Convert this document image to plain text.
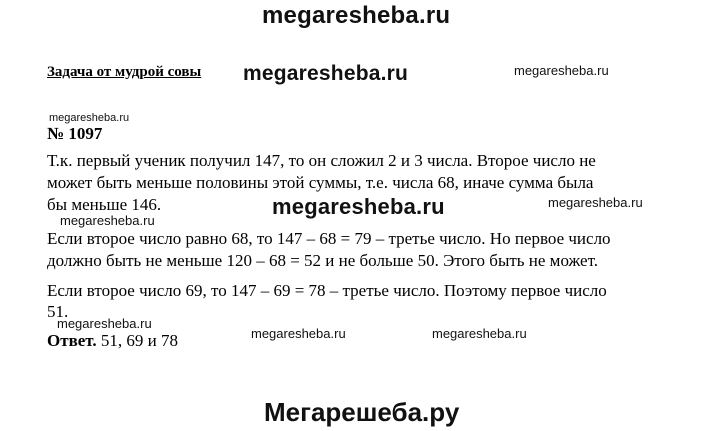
megaresheba.ru
Задача от мудрой совы megaresheba.ru	megaresheba.ru
megaresheba.ru
№ 1097
Т.к. первый ученик получил 147, то он сложил 2 и 3 числа. Второе число не
может быть меньше половины этой суммы, т.е. числа 68, иначе сумма была
бы меньше 146.
megaresheba.ru
megaresheba.ru	megaresheba.ru
Если второе число равно 68, то 147 – 68 = 79 – третье число. Но первое число
должно быть не меньше 120 – 68 = 52 и не больше 50. Этого быть не может.
Если второе число 69, то 147 – 69 = 78 – третье число. Поэтому первое число
51.
megaresheba.ru
megaresheba.ru	megaresheba.ru
Ответ. 51, 69 и 78
Мегарешеба.ру
